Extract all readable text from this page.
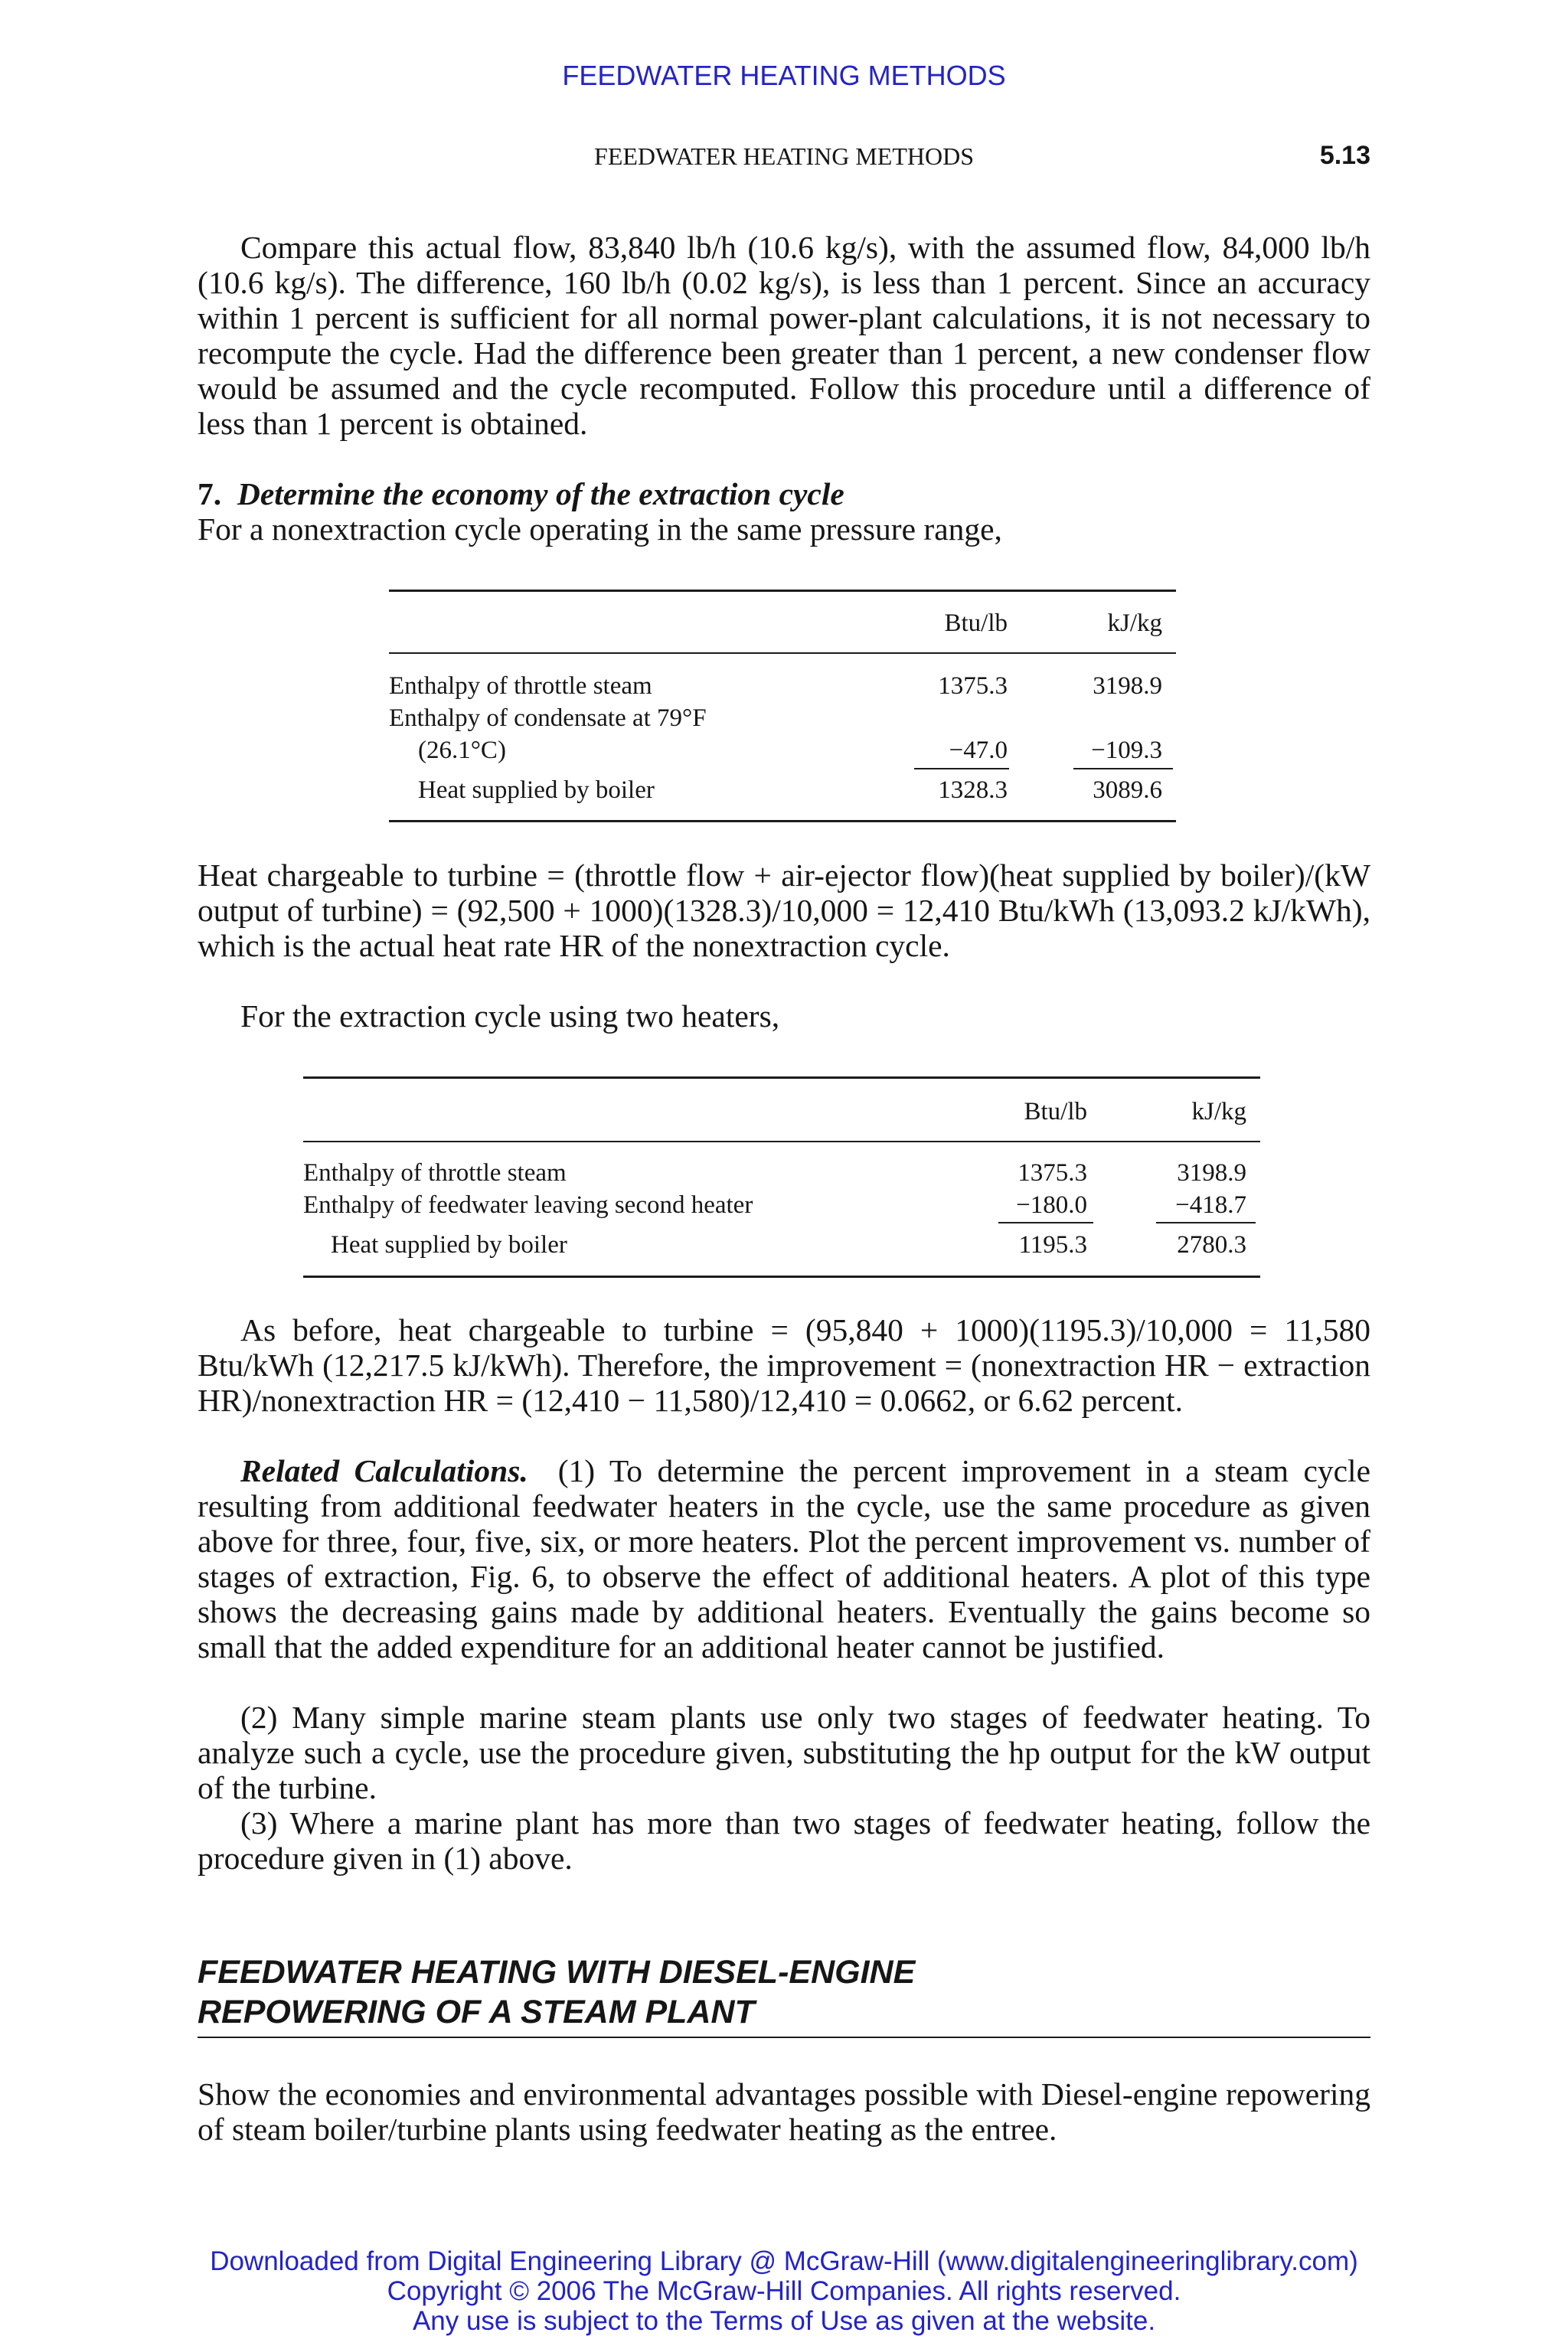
FEEDWATER HEATING METHODS
FEEDWATER HEATING METHODS	5.13

Compare this actual flow, 83,840 lb/h (10.6 kg/s), with the assumed flow, 84,000 lb/h (10.6 kg/s). The difference, 160 lb/h (0.02 kg/s), is less than 1 percent. Since an accuracy within 1 percent is sufficient for all normal power-plant calculations, it is not necessary to recompute the cycle. Had the difference been greater than 1 percent, a new condenser flow would be assumed and the cycle recomputed. Follow this procedure until a difference of less than 1 percent is obtained.

7. Determine the economy of the extraction cycle
For a nonextraction cycle operating in the same pressure range,
Btu/lb	kJ/kg
Enthalpy of throttle steam	1375.3	3198.9
Enthalpy of condensate at 79°F
(26.1°C)	−47.0	−109.3
Heat supplied by boiler	1328.3	3089.6

Heat chargeable to turbine = (throttle flow + air-ejector flow)(heat supplied by boiler)/(kW output of turbine) = (92,500 + 1000)(1328.3)/10,000 = 12,410 Btu/kWh (13,093.2 kJ/kWh), which is the actual heat rate HR of the nonextraction cycle.

For the extraction cycle using two heaters,

Btu/lb	kJ/kg
Enthalpy of throttle steam	1375.3	3198.9
Enthalpy of feedwater leaving second heater	−180.0	−418.7
Heat supplied by boiler	1195.3	2780.3

As before, heat chargeable to turbine = (95,840 + 1000)(1195.3)/10,000 = 11,580 Btu/kWh (12,217.5 kJ/kWh). Therefore, the improvement = (nonextraction HR − extraction HR)/nonextraction HR = (12,410 − 11,580)/12,410 = 0.0662, or 6.62 percent.

Related Calculations. (1) To determine the percent improvement in a steam cycle resulting from additional feedwater heaters in the cycle, use the same procedure as given above for three, four, five, six, or more heaters. Plot the percent improvement vs. number of stages of extraction, Fig. 6, to observe the effect of additional heaters. A plot of this type shows the decreasing gains made by additional heaters. Eventually the gains become so small that the added expenditure for an additional heater cannot be justified.

(2) Many simple marine steam plants use only two stages of feedwater heating. To analyze such a cycle, use the procedure given, substituting the hp output for the kW output of the turbine.

(3) Where a marine plant has more than two stages of feedwater heating, follow the procedure given in (1) above.

FEEDWATER HEATING WITH DIESEL-ENGINE
REPOWERING OF A STEAM PLANT

Show the economies and environmental advantages possible with Diesel-engine repowering of steam boiler/turbine plants using feedwater heating as the entree.

Downloaded from Digital Engineering Library @ McGraw-Hill (www.digitalengineeringlibrary.com)
Copyright © 2006 The McGraw-Hill Companies. All rights reserved.
Any use is subject to the Terms of Use as given at the website.
